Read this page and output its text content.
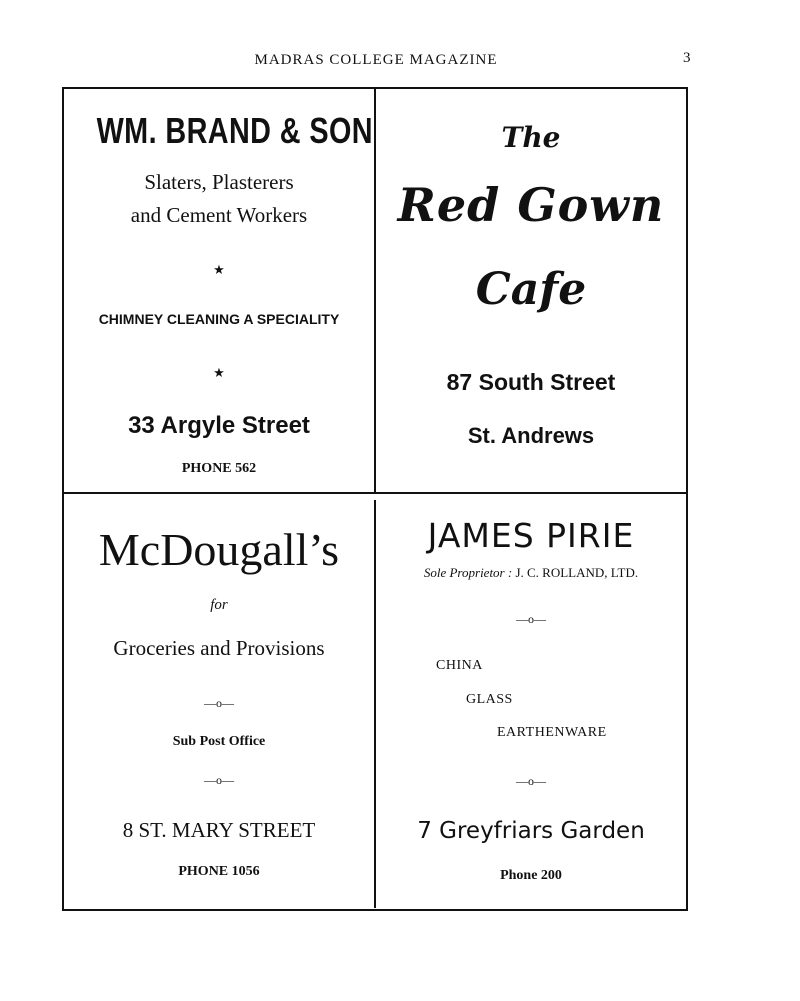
MADRAS COLLEGE MAGAZINE	3

WM. BRAND & SON

Slaters, Plasterers

and Cement Workers

★

CHIMNEY CLEANING A SPECIALITY

★

33 Argyle Street

PHONE 562

The

Red Gown

Cafe

87 South Street

St. Andrews

McDougall’s

for

Groceries and Provisions

—o—

Sub Post Office

—o—

8 ST. MARY STREET

PHONE 1056

JAMES PIRIE

Sole Proprietor : J. C. ROLLAND, LTD.

—o—

CHINA

GLASS

EARTHENWARE

—o—

7 Greyfriars Garden

Phone 200
